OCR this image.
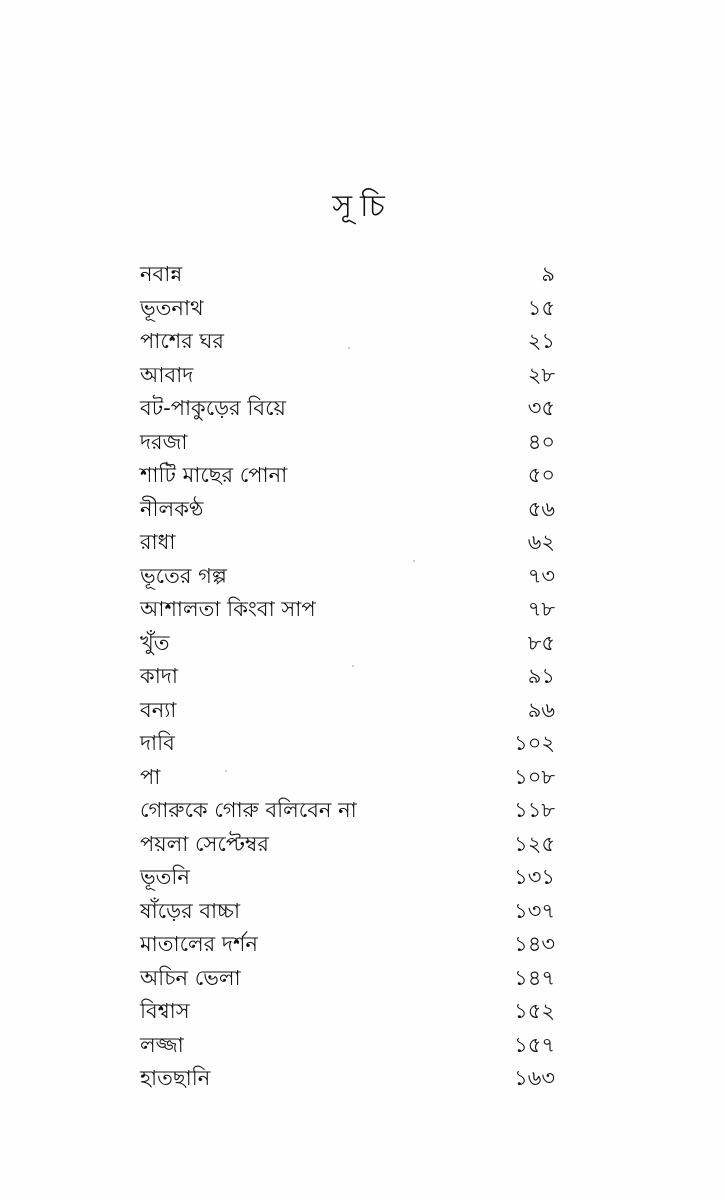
সূচি
নবান্ন	৯
ভূতনাথ	১৫
পাশের ঘর	২১
আবাদ	২৮
বট-পাকুড়ের বিয়ে	৩৫
দরজা	৪০
শাটি মাছের পোনা	৫০
নীলকণ্ঠ	৫৬
রাধা	৬২
ভূতের গল্প	৭৩
আশালতা কিংবা সাপ	৭৮
খুঁত	৮৫
কাদা	৯১
বন্যা	৯৬
দাবি	১০২
পা	১০৮
গোরুকে গোরু বলিবেন না	১১৮
পয়লা সেপ্টেম্বর	১২৫
ভূতনি	১৩১
ষাঁড়ের বাচ্চা	১৩৭
মাতালের দর্শন	১৪৩
অচিন ভেলা	১৪৭
বিশ্বাস	১৫২
লজ্জা	১৫৭
হাতছানি	১৬৩
